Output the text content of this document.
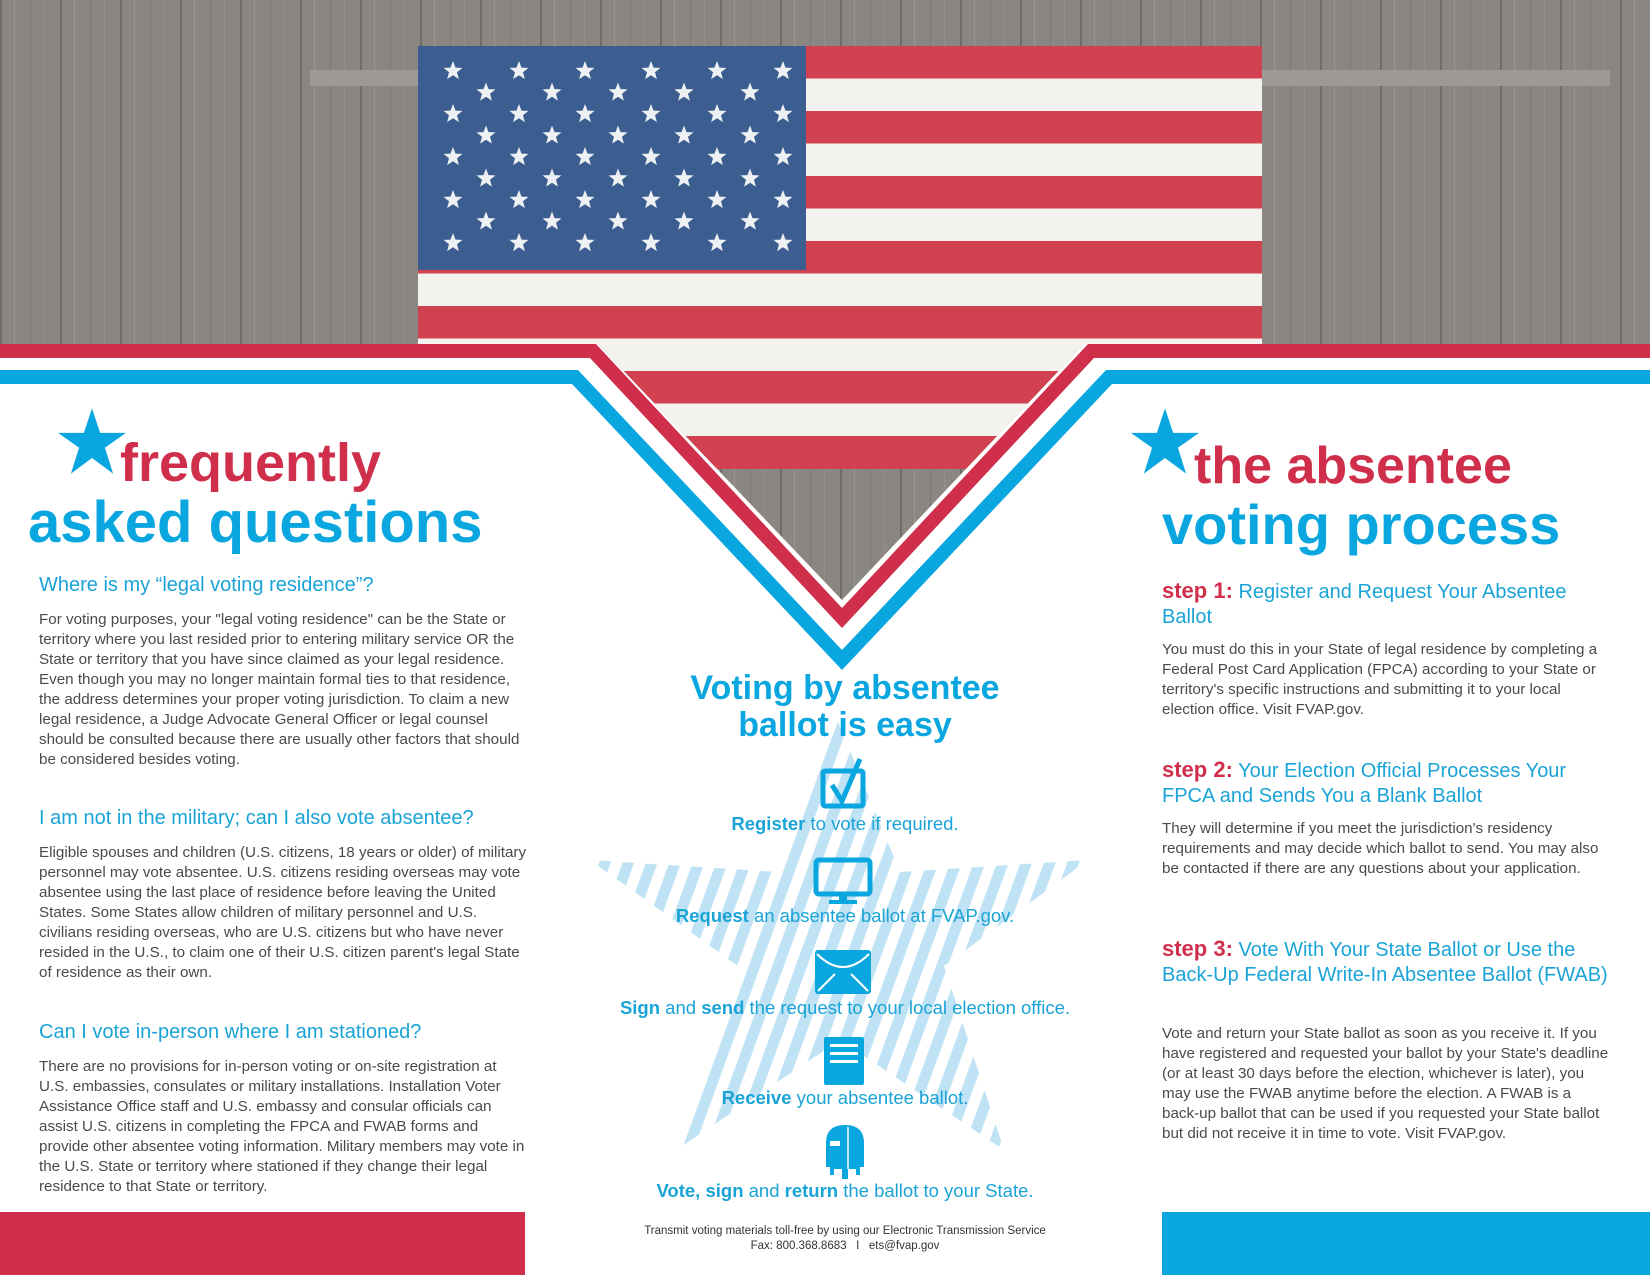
frequently
asked questions
Where is my “legal voting residence”?

For voting purposes, your "legal voting residence" can be the State or territory where you last resided prior to entering military service OR the State or territory that you have since claimed as your legal residence. Even though you may no longer maintain formal ties to that residence, the address determines your proper voting jurisdiction. To claim a new legal residence, a Judge Advocate General Officer or legal counsel should be consulted because there are usually other factors that should be considered besides voting.

I am not in the military; can I also vote absentee?

Eligible spouses and children (U.S. citizens, 18 years or older) of military personnel may vote absentee. U.S. citizens residing overseas may vote absentee using the last place of residence before leaving the United States. Some States allow children of military personnel and U.S. civilians residing overseas, who are U.S. citizens but who have never resided in the U.S., to claim one of their U.S. citizen parent's legal State of residence as their own.

Can I vote in-person where I am stationed?

There are no provisions for in-person voting or on-site registration at U.S. embassies, consulates or military installations. Installation Voter Assistance Office staff and U.S. embassy and consular officials can assist U.S. citizens in completing the FPCA and FWAB forms and provide other absentee voting information. Military members may vote in the U.S. State or territory where stationed if they change their legal residence to that State or territory.

Voting by absentee
ballot is easy
Register to vote if required.
Request an absentee ballot at FVAP.gov.
Sign and send the request to your local election office.
Receive your absentee ballot.
Vote, sign and return the ballot to your State.
Transmit voting materials toll-free by using our Electronic Transmission Service
Fax: 800.368.8683   I   ets@fvap.gov
the absentee
voting process
step 1: Register and Request Your Absentee Ballot

You must do this in your State of legal residence by completing a Federal Post Card Application (FPCA) according to your State or territory's specific instructions and submitting it to your local election office. Visit FVAP.gov.

step 2: Your Election Official Processes Your FPCA and Sends You a Blank Ballot

They will determine if you meet the jurisdiction's residency requirements and may decide which ballot to send. You may also be contacted if there are any questions about your application.

step 3: Vote With Your State Ballot or Use the Back-Up Federal Write-In Absentee Ballot (FWAB)

Vote and return your State ballot as soon as you receive it. If you have registered and requested your ballot by your State's deadline (or at least 30 days before the election, whichever is later), you may use the FWAB anytime before the election. A FWAB is a back-up ballot that can be used if you requested your State ballot but did not receive it in time to vote. Visit FVAP.gov.
